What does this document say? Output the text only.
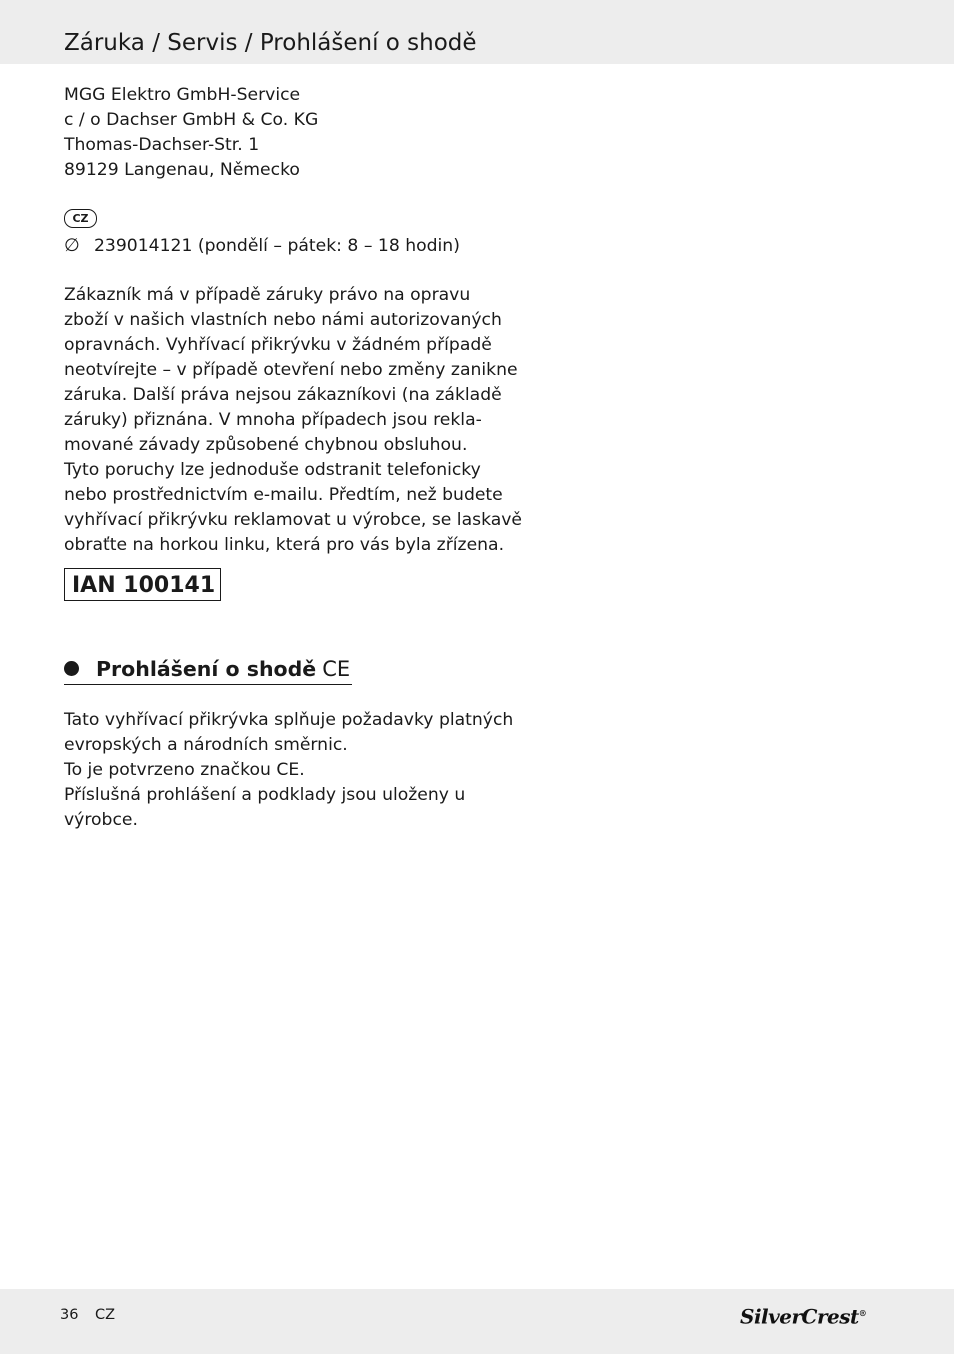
Záruka / Servis / Prohlášení o shodě
MGG Elektro GmbH-Service
c / o Dachser GmbH & Co. KG
Thomas-Dachser-Str. 1
89129 Langenau, Německo
CZ
∅ 239014121 (pondělí – pátek: 8 – 18 hodin)
Zákazník má v případě záruky právo na opravu
zboží v našich vlastních nebo námi autorizovaných
opravnách. Vyhřívací přikrývku v žádném případě
neotvírejte – v případě otevření nebo změny zanikne
záruka. Další práva nejsou zákazníkovi (na základě
záruky) přiznána. V mnoha případech jsou rekla-
mované závady způsobené chybnou obsluhou.
Tyto poruchy lze jednoduše odstranit telefonicky
nebo prostřednictvím e-mailu. Předtím, než budete
vyhřívací přikrývku reklamovat u výrobce, se laskavě
obraťte na horkou linku, která pro vás byla zřízena.
IAN 100141
Prohlášení o shodě CE
Tato vyhřívací přikrývka splňuje požadavky platných
evropských a národních směrnic.
To je potvrzeno značkou CE.
Příslušná prohlášení a podklady jsou uloženy u
výrobce.
36 CZ	SilverCrest®
